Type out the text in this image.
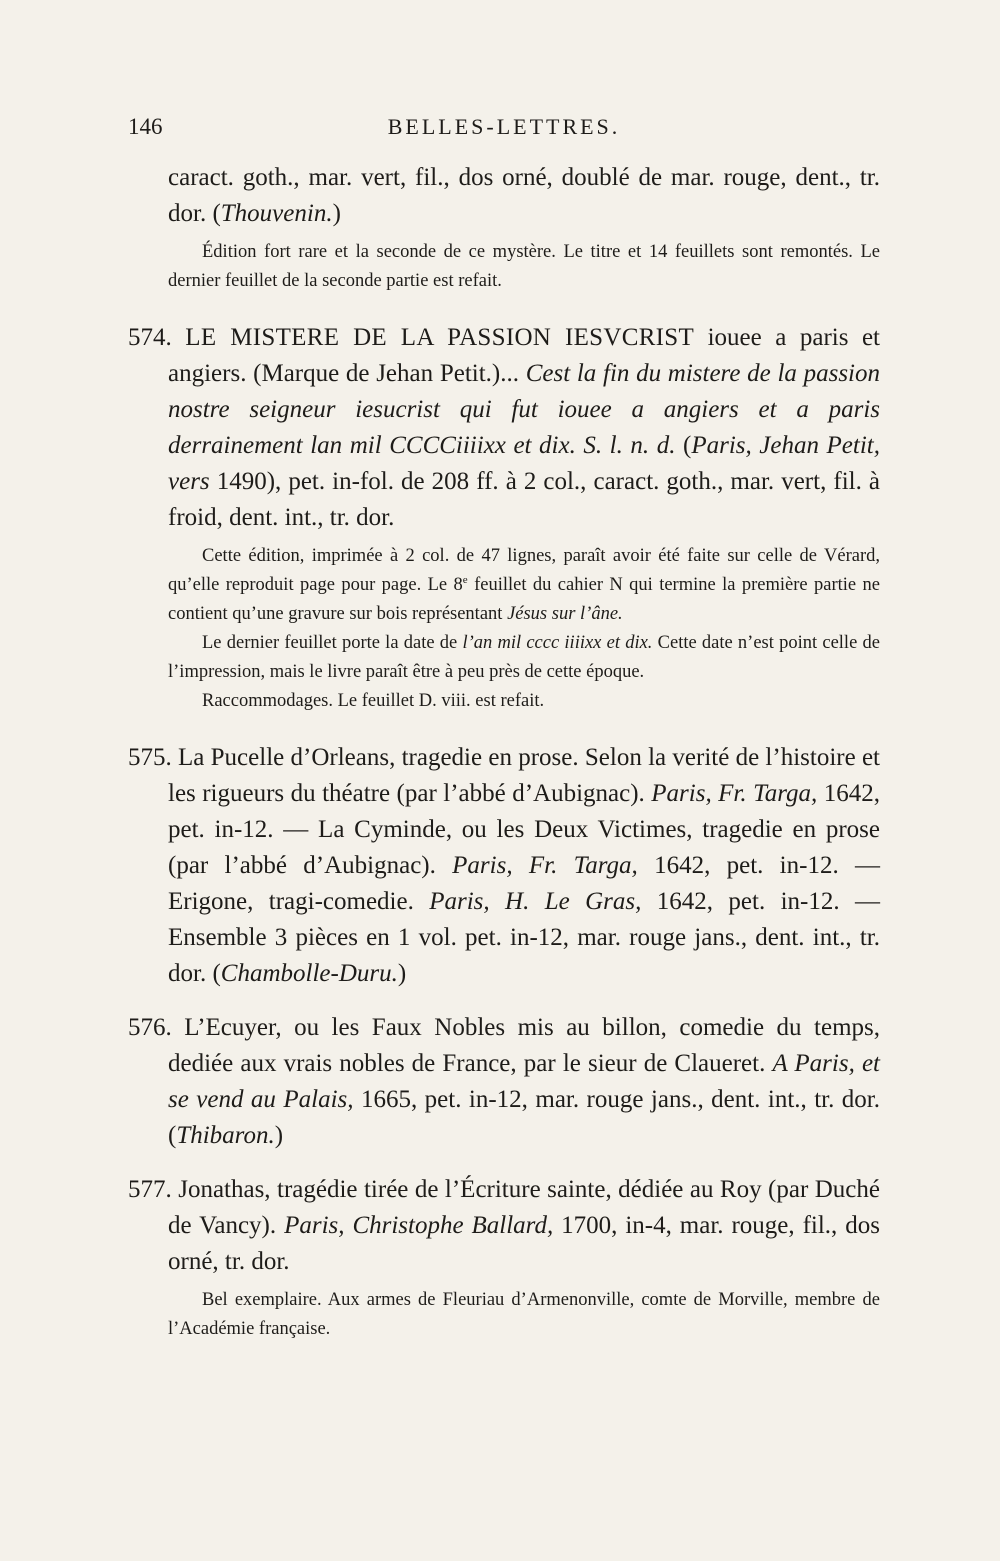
146	BELLES-LETTRES.

caract. goth., mar. vert, fil., dos orné, doublé de mar. rouge, dent., tr. dor. (Thouvenin.)

Édition fort rare et la seconde de ce mystère. Le titre et 14 feuillets sont remontés. Le dernier feuillet de la seconde partie est refait.

574. LE MISTERE DE LA PASSION IESVCRIST iouee a paris et angiers. (Marque de Jehan Petit.)... Cest la fin du mistere de la passion nostre seigneur iesucrist qui fut iouee a angiers et a paris derrainement lan mil CCCCiiiixx et dix. S. l. n. d. (Paris, Jehan Petit, vers 1490), pet. in-fol. de 208 ff. à 2 col., caract. goth., mar. vert, fil. à froid, dent. int., tr. dor.

Cette édition, imprimée à 2 col. de 47 lignes, paraît avoir été faite sur celle de Vérard, qu’elle reproduit page pour page. Le 8e feuillet du cahier N qui termine la première partie ne contient qu’une gravure sur bois représentant Jésus sur l’âne.

Le dernier feuillet porte la date de l’an mil cccc iiiixx et dix. Cette date n’est point celle de l’impression, mais le livre paraît être à peu près de cette époque.

Raccommodages. Le feuillet D. viii. est refait.

575. La Pucelle d’Orleans, tragedie en prose. Selon la verité de l’histoire et les rigueurs du théatre (par l’abbé d’Aubignac). Paris, Fr. Targa, 1642, pet. in-12. — La Cyminde, ou les Deux Victimes, tragedie en prose (par l’abbé d’Aubignac). Paris, Fr. Targa, 1642, pet. in-12. — Erigone, tragi-comedie. Paris, H. Le Gras, 1642, pet. in-12. — Ensemble 3 pièces en 1 vol. pet. in-12, mar. rouge jans., dent. int., tr. dor. (Chambolle-Duru.)

576. L’Ecuyer, ou les Faux Nobles mis au billon, comedie du temps, dediée aux vrais nobles de France, par le sieur de Claueret. A Paris, et se vend au Palais, 1665, pet. in-12, mar. rouge jans., dent. int., tr. dor. (Thibaron.)

577. Jonathas, tragédie tirée de l’Écriture sainte, dédiée au Roy (par Duché de Vancy). Paris, Christophe Ballard, 1700, in-4, mar. rouge, fil., dos orné, tr. dor.

Bel exemplaire. Aux armes de Fleuriau d’Armenonville, comte de Morville, membre de l’Académie française.
